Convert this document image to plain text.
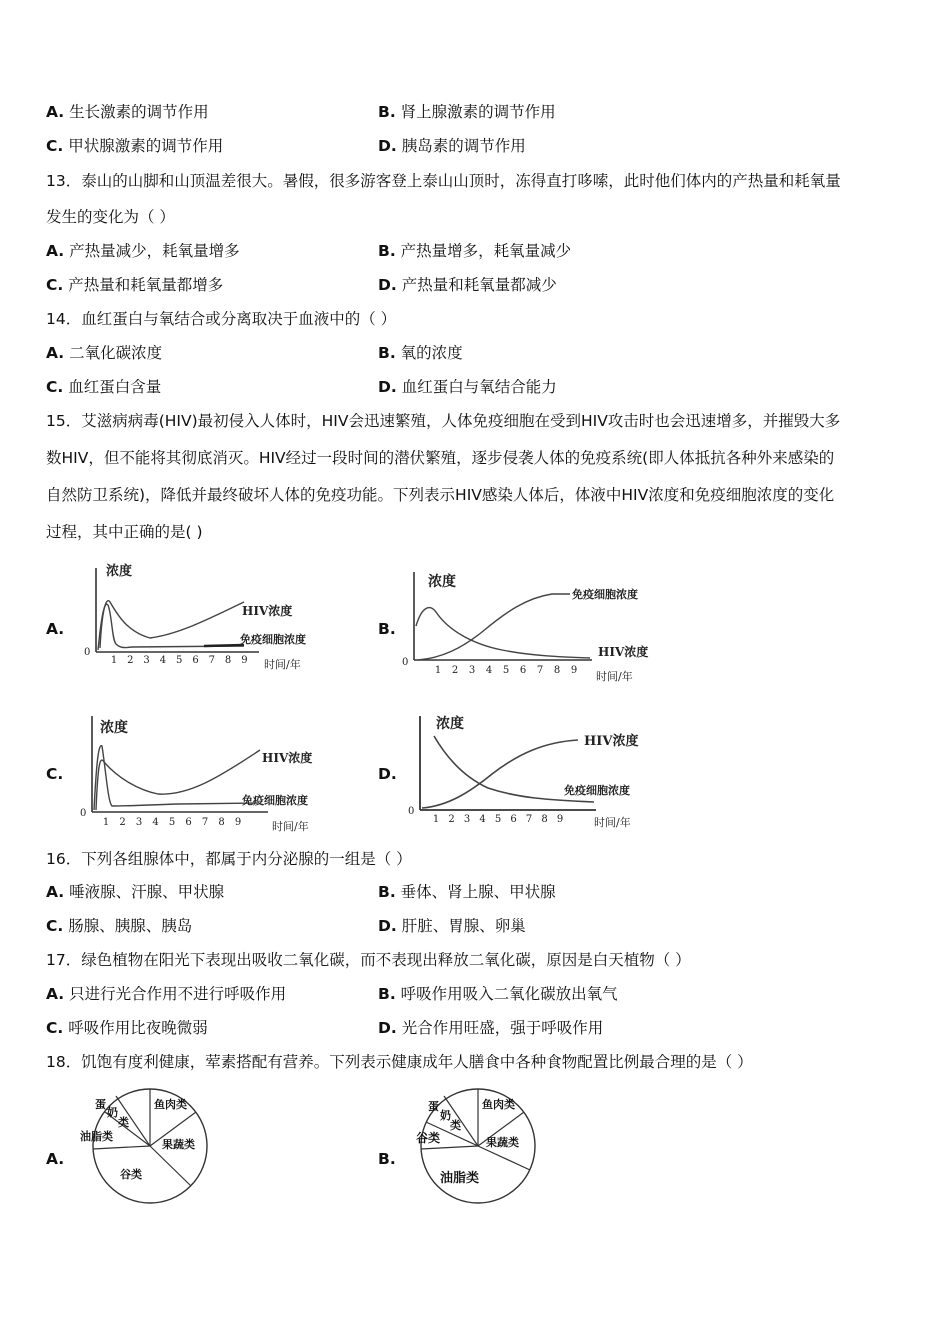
A. 生长激素的调节作用	B. 肾上腺激素的调节作用
C. 甲状腺激素的调节作用	D. 胰岛素的调节作用
13．泰山的山脚和山顶温差很大。暑假，很多游客登上泰山山顶时，冻得直打哆嗦，此时他们体内的产热量和耗氧量
发生的变化为（ ）
A. 产热量减少，耗氧量增多	B. 产热量增多，耗氧量减少
C. 产热量和耗氧量都增多	D. 产热量和耗氧量都减少
14．血红蛋白与氧结合或分离取决于血液中的（ ）
A. 二氧化碳浓度	B. 氧的浓度
C. 血红蛋白含量	D. 血红蛋白与氧结合能力
15．艾滋病病毒(HIV)最初侵入人体时，HIV会迅速繁殖，人体免疫细胞在受到HIV攻击时也会迅速增多，并摧毁大多
数HIV，但不能将其彻底消灭。HIV经过一段时间的潜伏繁殖，逐步侵袭人体的免疫系统(即人体抵抗各种外来感染的
自然防卫系统)，降低并最终破坏人体的免疫功能。下列表示HIV感染人体后，体液中HIV浓度和免疫细胞浓度的变化
过程，其中正确的是( )
A.
浓度
0
HIV浓度
免疫细胞浓度
1 2 3 4 5 6 7 8 9 时间/年
B.
浓度
0
免疫细胞浓度
HIV浓度
1 2 3 4 5 6 7 8 9 时间/年
C.
浓度
0
HIV浓度
免疫细胞浓度
1 2 3 4 5 6 7 8 9	时间/年
D.
浓度
0
HIV浓度
免疫细胞浓度
1 2 3 4 5 6 7 8 9	时间/年
16．下列各组腺体中，都属于内分泌腺的一组是（ ）
A. 唾液腺、汗腺、甲状腺	B. 垂体、肾上腺、甲状腺
C. 肠腺、胰腺、胰岛	D. 肝脏、胃腺、卵巢
17．绿色植物在阳光下表现出吸收二氧化碳，而不表现出释放二氧化碳，原因是白天植物（ ）
A. 只进行光合作用不进行呼吸作用	B. 呼吸作用吸入二氧化碳放出氧气
C. 呼吸作用比夜晚微弱	D. 光合作用旺盛，强于呼吸作用
18．饥饱有度利健康，荤素搭配有营养。下列表示健康成年人膳食中各种食物配置比例最合理的是（ ）
A.
蛋
奶
类
鱼肉类
油脂类
果蔬类
谷类
B.
蛋
奶
类
鱼肉类
谷类	果蔬类
油脂类
